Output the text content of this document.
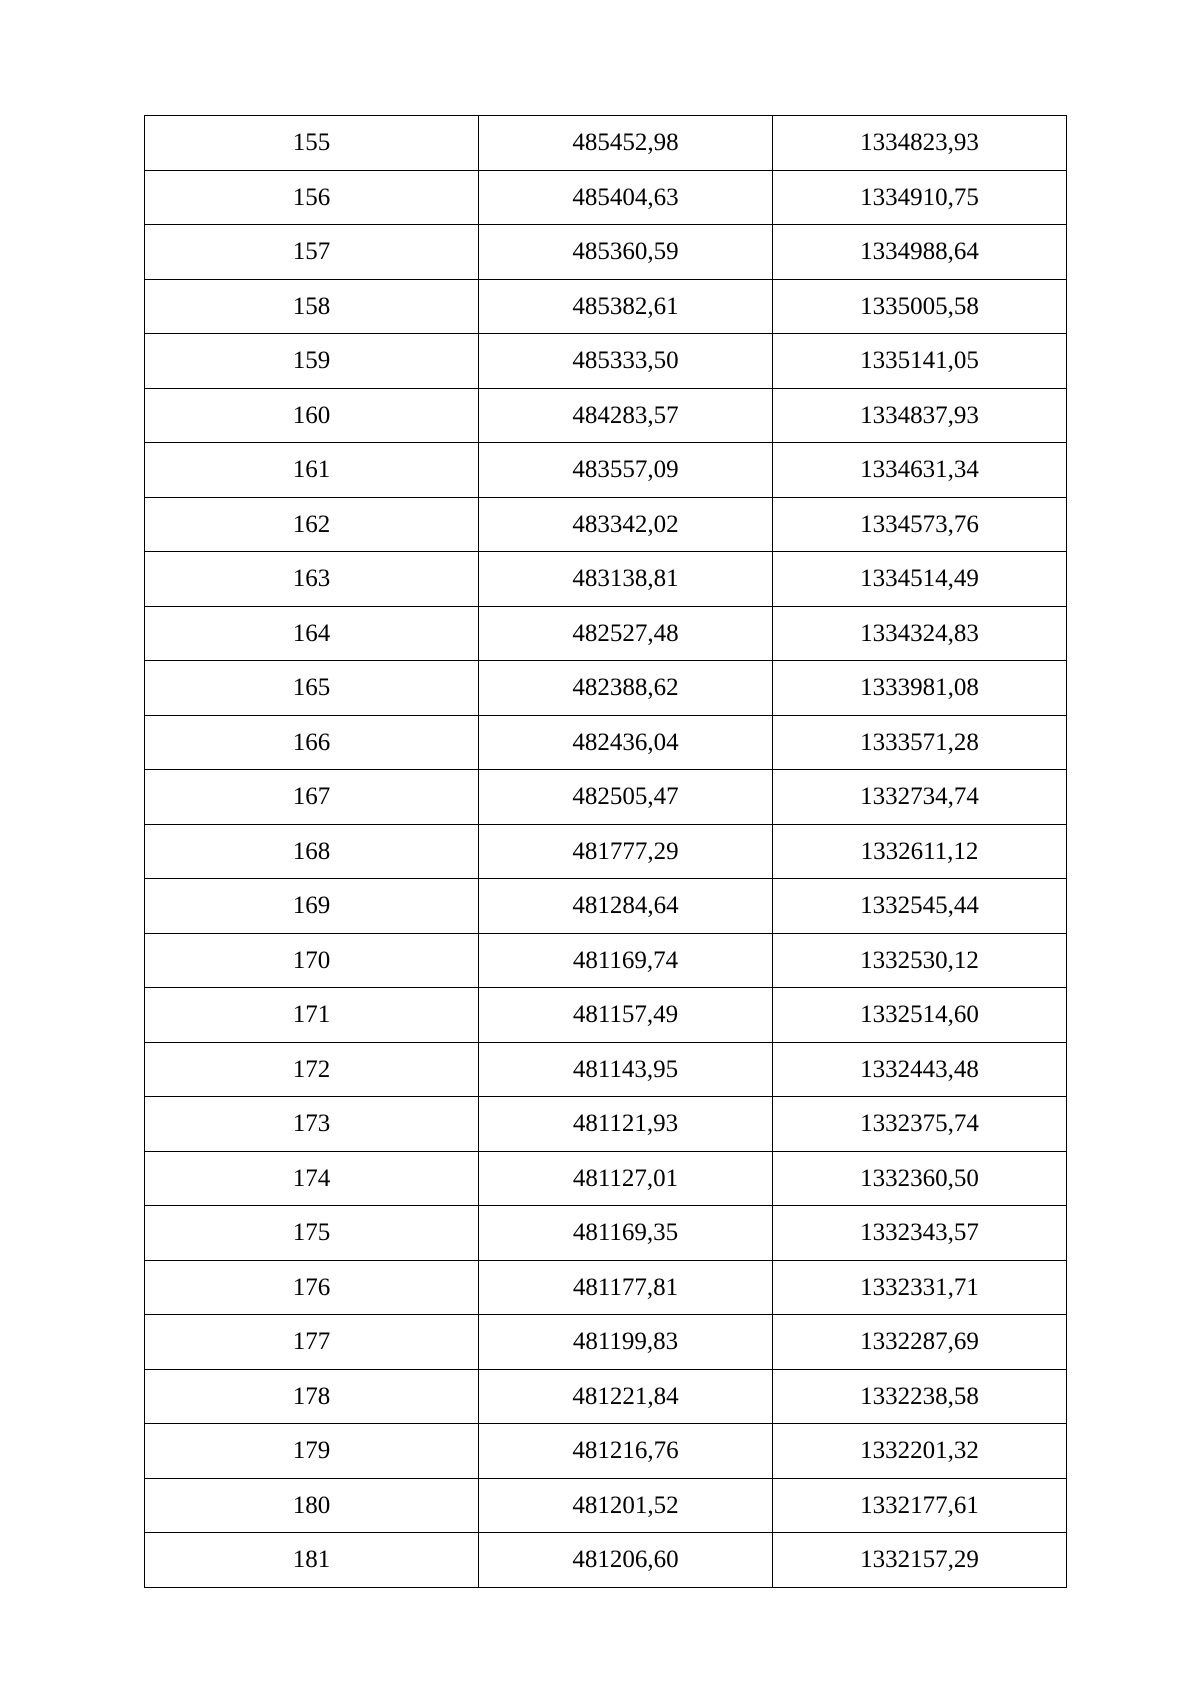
155	485452,98	1334823,93
156	485404,63	1334910,75
157	485360,59	1334988,64
158	485382,61	1335005,58
159	485333,50	1335141,05
160	484283,57	1334837,93
161	483557,09	1334631,34
162	483342,02	1334573,76
163	483138,81	1334514,49
164	482527,48	1334324,83
165	482388,62	1333981,08
166	482436,04	1333571,28
167	482505,47	1332734,74
168	481777,29	1332611,12
169	481284,64	1332545,44
170	481169,74	1332530,12
171	481157,49	1332514,60
172	481143,95	1332443,48
173	481121,93	1332375,74
174	481127,01	1332360,50
175	481169,35	1332343,57
176	481177,81	1332331,71
177	481199,83	1332287,69
178	481221,84	1332238,58
179	481216,76	1332201,32
180	481201,52	1332177,61
181	481206,60	1332157,29
